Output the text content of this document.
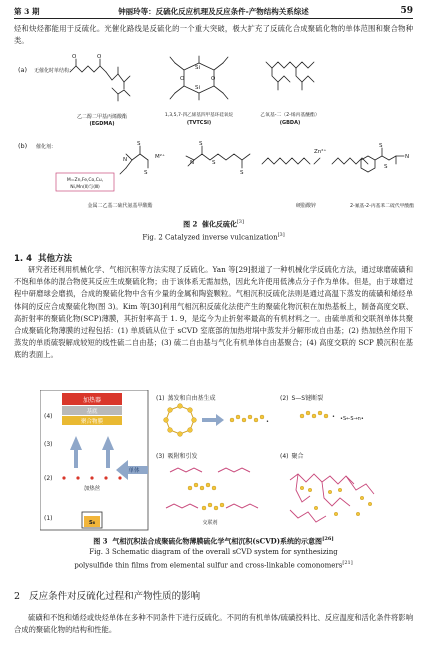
第 3 期	钟丽玲等：反硫化反应机理及反应条件-产物结构关系综述	59

烃和炔烃都能用于反硫化。光催化路线是反硫化的一个重大突破，极大扩充了反硫化合成聚硫化物的单体范围和聚合物种类。

O	O
Si
Si
O	O
S
S
N
S
S
S
N
S
S
N
M²⁺
Zn²⁺
(a) 无催化时单结构：
(b) 催化剂：
乙二醇二甲基丙烯酸酯
(EGDMA)
1,3,5,7-四乙烯基四甲基环硅氧烷
(TVTCSi)
乙氧基-二（2-烯丙基醚酯）
(GBDA)
M=Zn,Fe,Co,Cu,
Ni,Mn(Ⅱ)与(Ⅲ)
金属二乙基二硫代氨基甲酸酯	硬脂酸锌	2-氰基-2-丙基苯二硫代甲酸酯
图 2 催化反硫化[3]
Fig. 2 Catalyzed inverse vulcanization[3]
1. 4 其他方法

研究者还利用机械化学、气相沉积等方法实现了反硫化。Yan 等[29]报道了一种机械化学反硫化方法，通过球磨硫磺和不饱和单体的混合物使其反应生成聚硫化物；由于该体系无需加热，因此允许使用低沸点分子作为单体。但是，由于球磨过程中研磨球会磨损，合成的聚硫化物中含有少量的金属和陶瓷颗粒。气相沉积反硫化法则是通过高温下蒸发的硫磺和烯烃单体间的反应合成聚硫化物(图 3)。Kim 等[30]利用气相沉积反硫化法使产生的聚硫化物沉积在加热基板上，制备高度交联、高折射率的聚硫化物(SCP)薄膜，其折射率高于 1. 9，是迄今为止折射率最高的有机材料之一。由硫单质和交联剂单体共聚合成聚硫化物薄膜的过程包括：(1) 单质硫从位于 sCVD 室底部的加热坩埚中蒸发并分解形成自由基；(2) 热加热丝作用下蒸发的单质硫裂解成较短的线性硫二自由基；(3) 硫二自由基与气化有机单体自由基聚合；(4) 高度交联的 SCP 膜沉积在基底的表面上。

加热器
基底
聚合物膜
单体
加热丝
S₈
(4)
(3)
(2)
(1)
(1) 蒸发和自由基生成	(2) S—S键断裂
(3) 吸附和引发	(4) 聚合
•
• •S←S→n•
交联剂
图 3 气相沉积法合成聚硫化物薄膜硫化学气相沉积(sCVD)系统的示意图[26]
Fig. 3 Schematic diagram of the overall sCVD system for synthesizing
polysulfide thin films from elemental sulfur and cross-linkable comonomers[21]
2 反应条件对反硫化过程和产物性质的影响

硫磺和不饱和烯烃或炔烃单体在多种不同条件下进行反硫化。不同的有机单体/硫磺投料比、反应温度和活化条件将影响合成的聚硫化物的结构和性能。
